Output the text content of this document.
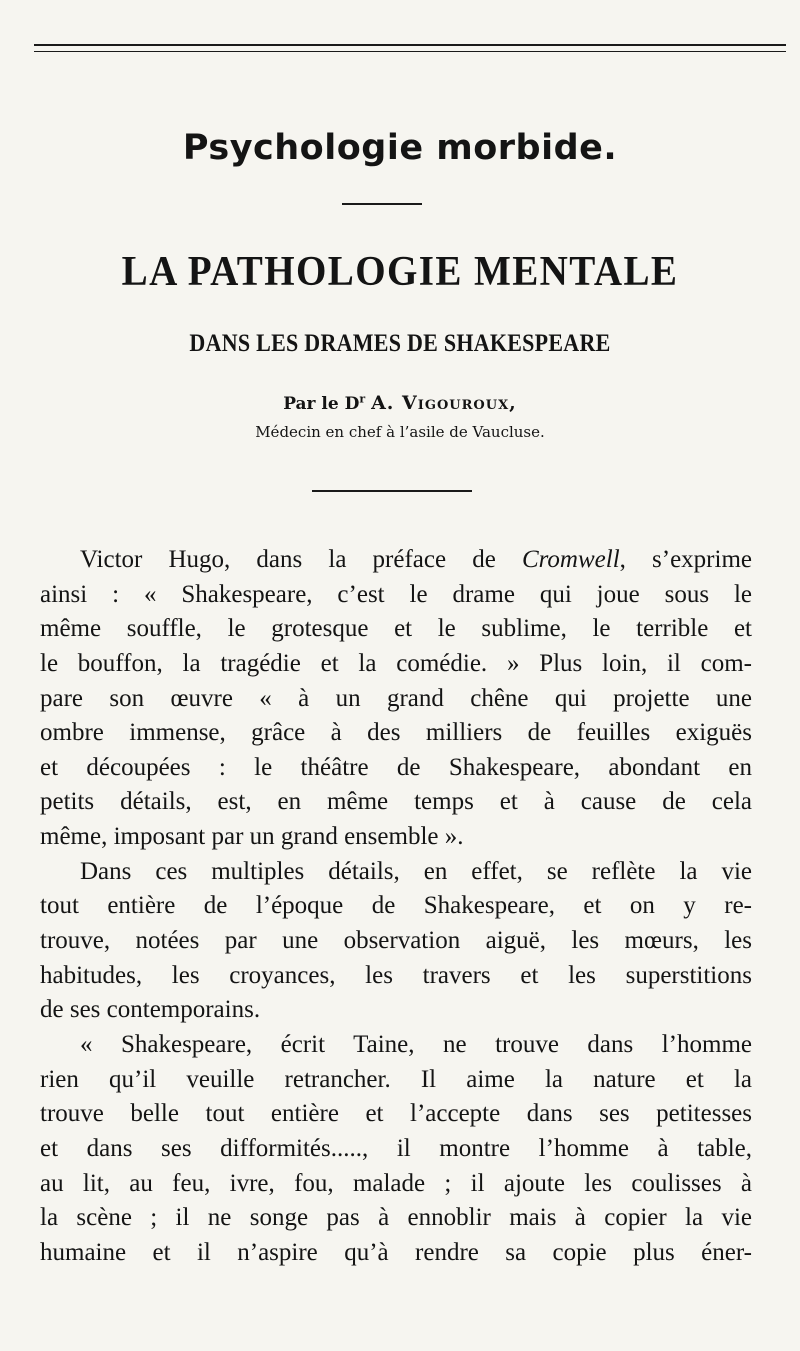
Psychologie morbide.
LA PATHOLOGIE MENTALE
DANS LES DRAMES DE SHAKESPEARE

Par le $D^r$ A. Vigouroux,

Médecin en chef à l’asile de Vaucluse.

Victor Hugo, dans la préface de Cromwell, s’exprime

ainsi : « Shakespeare, c’est le drame qui joue sous le

même souffle, le grotesque et le sublime, le terrible et

le bouffon, la tragédie et la comédie. » Plus loin, il com-

pare son œuvre « à un grand chêne qui projette une

ombre immense, grâce à des milliers de feuilles exiguës

et découpées : le théâtre de Shakespeare, abondant en

petits détails, est, en même temps et à cause de cela

même, imposant par un grand ensemble ».

Dans ces multiples détails, en effet, se reflète la vie

tout entière de l’époque de Shakespeare, et on y re-

trouve, notées par une observation aiguë, les mœurs, les

habitudes, les croyances, les travers et les superstitions

de ses contemporains.

« Shakespeare, écrit Taine, ne trouve dans l’homme

rien qu’il veuille retrancher. Il aime la nature et la

trouve belle tout entière et l’accepte dans ses petitesses

et dans ses difformités....., il montre l’homme à table,

au lit, au feu, ivre, fou, malade ; il ajoute les coulisses à

la scène ; il ne songe pas à ennoblir mais à copier la vie

humaine et il n’aspire qu’à rendre sa copie plus éner-
